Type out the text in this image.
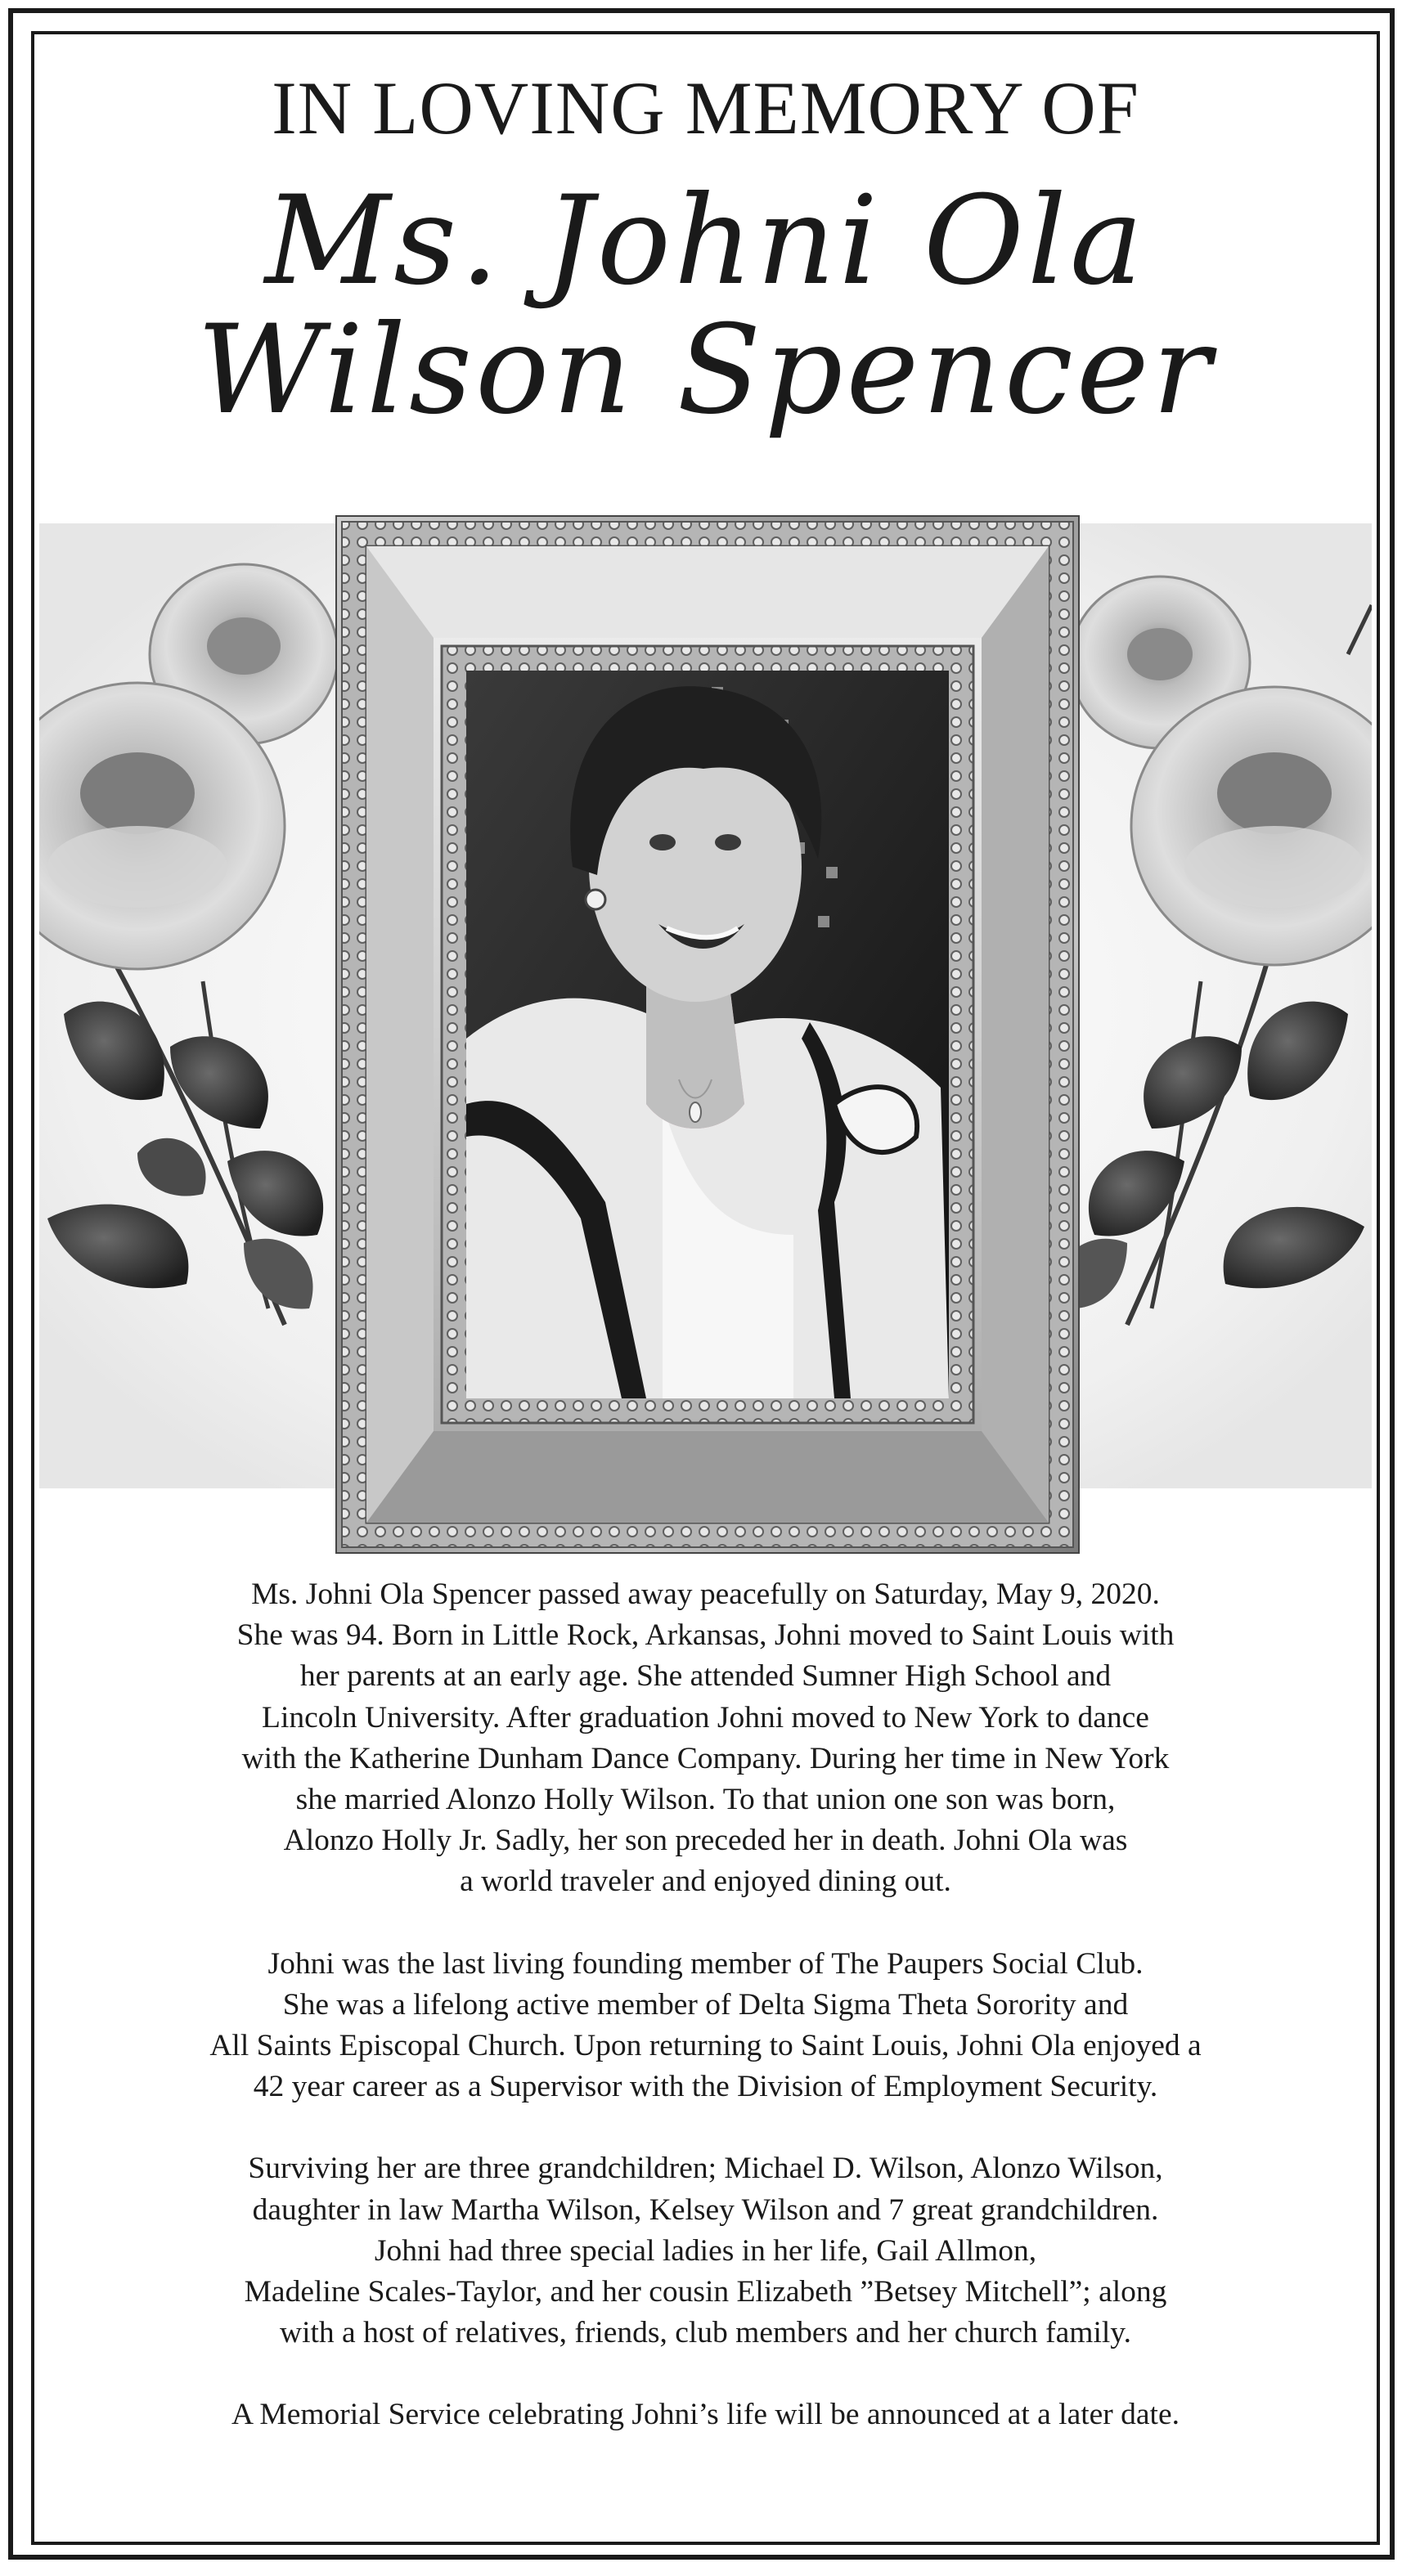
IN LOVING MEMORY OF
Ms. Johni Ola
Wilson Spencer

Ms. Johni Ola Spencer passed away peacefully on Saturday, May 9, 2020.
She was 94. Born in Little Rock, Arkansas, Johni moved to Saint Louis with
her parents at an early age. She attended Sumner High School and
Lincoln University. After graduation Johni moved to New York to dance
with the Katherine Dunham Dance Company. During her time in New York
she married Alonzo Holly Wilson. To that union one son was born,
Alonzo Holly Jr. Sadly, her son preceded her in death. Johni Ola was
a world traveler and enjoyed dining out.

Johni was the last living founding member of The Paupers Social Club.
She was a lifelong active member of Delta Sigma Theta Sorority and
All Saints Episcopal Church. Upon returning to Saint Louis, Johni Ola enjoyed a
42 year career as a Supervisor with the Division of Employment Security.

Surviving her are three grandchildren; Michael D. Wilson, Alonzo Wilson,
daughter in law Martha Wilson, Kelsey Wilson and 7 great grandchildren.
Johni had three special ladies in her life, Gail Allmon,
Madeline Scales-Taylor, and her cousin Elizabeth ”Betsey Mitchell”; along
with a host of relatives, friends, club members and her church family.

A Memorial Service celebrating Johni’s life will be announced at a later date.
